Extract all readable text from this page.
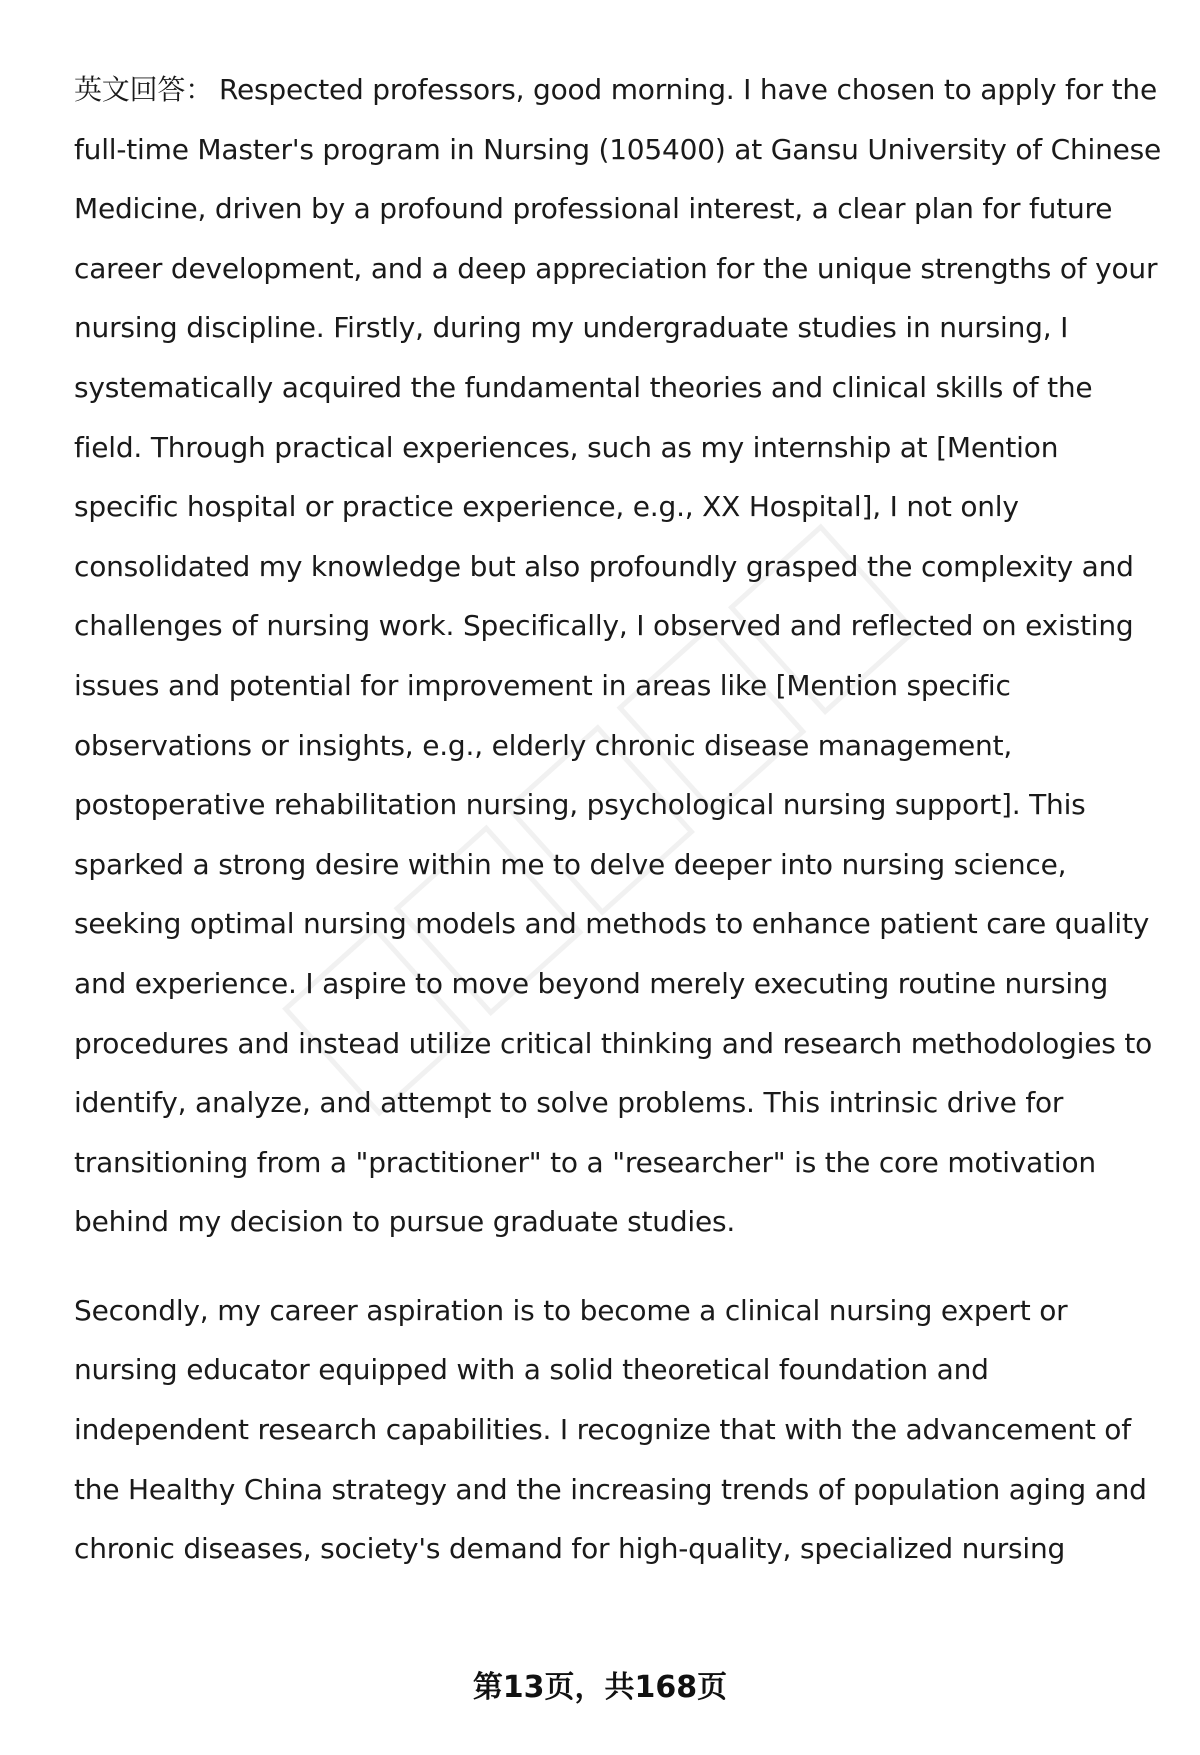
英文回答： Respected professors, good morning. I have chosen to apply for the full-time Master's program in Nursing (105400) at Gansu University of Chinese Medicine, driven by a profound professional interest, a clear plan for future career development, and a deep appreciation for the unique strengths of your nursing discipline. Firstly, during my undergraduate studies in nursing, I systematically acquired the fundamental theories and clinical skills of the field. Through practical experiences, such as my internship at [Mention specific hospital or practice experience, e.g., XX Hospital], I not only consolidated my knowledge but also profoundly grasped the complexity and challenges of nursing work. Specifically, I observed and reflected on existing issues and potential for improvement in areas like [Mention specific observations or insights, e.g., elderly chronic disease management, postoperative rehabilitation nursing, psychological nursing support]. This sparked a strong desire within me to delve deeper into nursing science, seeking optimal nursing models and methods to enhance patient care quality and experience. I aspire to move beyond merely executing routine nursing procedures and instead utilize critical thinking and research methodologies to identify, analyze, and attempt to solve problems. This intrinsic drive for transitioning from a "practitioner" to a "researcher" is the core motivation behind my decision to pursue graduate studies.

Secondly, my career aspiration is to become a clinical nursing expert or nursing educator equipped with a solid theoretical foundation and independent research capabilities. I recognize that with the advancement of the Healthy China strategy and the increasing trends of population aging and chronic diseases, society's demand for high-quality, specialized nursing

第13页，共168页
